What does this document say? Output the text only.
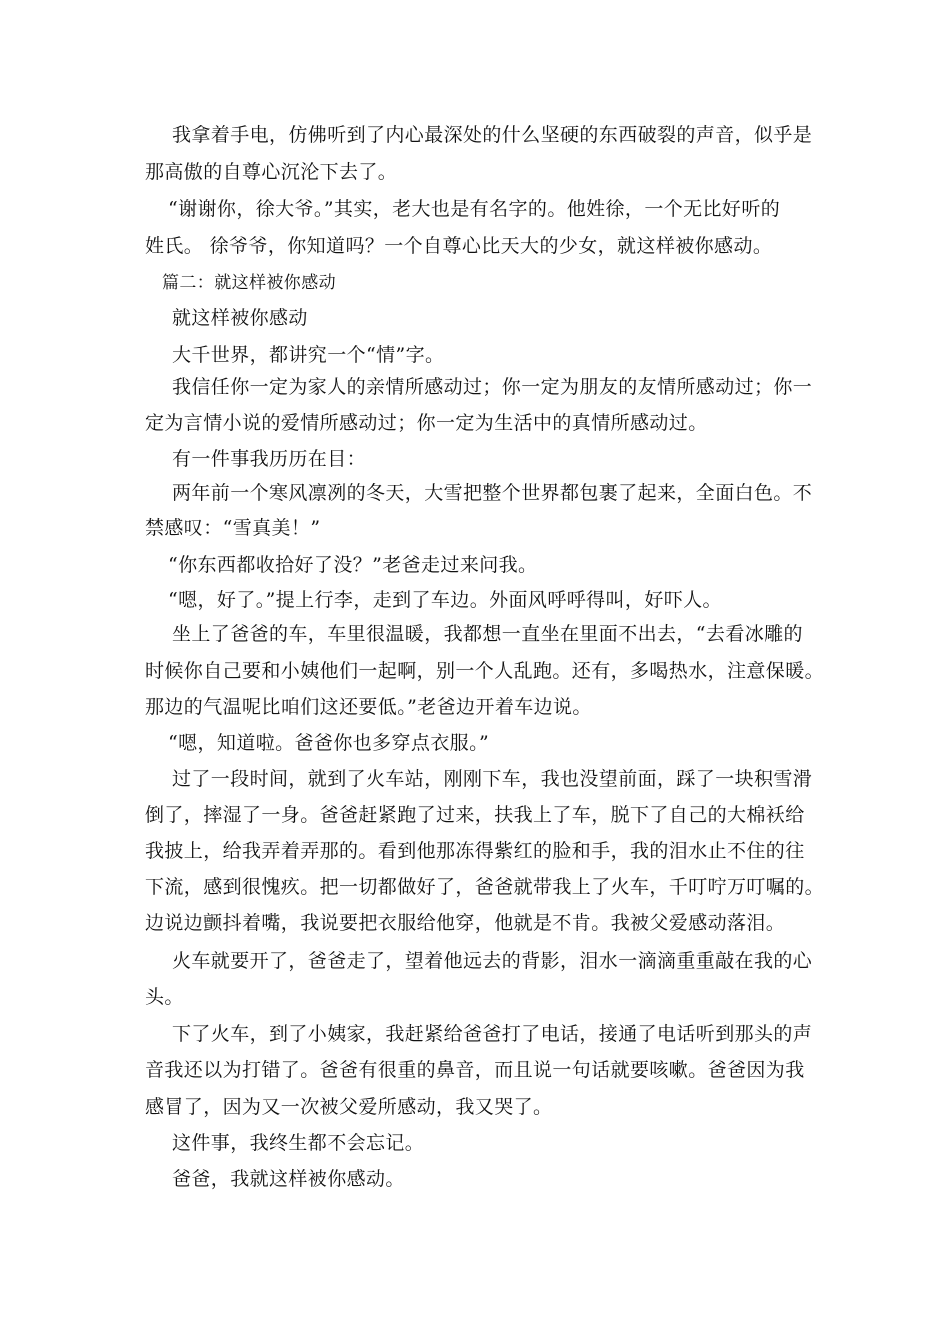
我拿着手电，仿佛听到了内心最深处的什么坚硬的东西破裂的声音，似乎是
那高傲的自尊心沉沦下去了。
“谢谢你，徐大爷。”其实，老大也是有名字的。他姓徐，一个无比好听的
姓氏。 徐爷爷，你知道吗？一个自尊心比天大的少女，就这样被你感动。
篇二：就这样被你感动
就这样被你感动
大千世界，都讲究一个“情”字。
我信任你一定为家人的亲情所感动过；你一定为朋友的友情所感动过；你一
定为言情小说的爱情所感动过；你一定为生活中的真情所感动过。
有一件事我历历在目：
两年前一个寒风凛冽的冬天，大雪把整个世界都包裹了起来，全面白色。不
禁感叹：“雪真美！”
“你东西都收拾好了没？”老爸走过来问我。
“嗯，好了。”提上行李，走到了车边。外面风呼呼得叫，好吓人。
坐上了爸爸的车，车里很温暖，我都想一直坐在里面不出去，“去看冰雕的
时候你自己要和小姨他们一起啊，别一个人乱跑。还有，多喝热水，注意保暖。
那边的气温呢比咱们这还要低。”老爸边开着车边说。
“嗯，知道啦。爸爸你也多穿点衣服。”
过了一段时间，就到了火车站，刚刚下车，我也没望前面，踩了一块积雪滑
倒了，摔湿了一身。爸爸赶紧跑了过来，扶我上了车，脱下了自己的大棉袄给
我披上，给我弄着弄那的。看到他那冻得紫红的脸和手，我的泪水止不住的往
下流，感到很愧疚。把一切都做好了，爸爸就带我上了火车，千叮咛万叮嘱的。
边说边颤抖着嘴，我说要把衣服给他穿，他就是不肯。我被父爱感动落泪。
火车就要开了，爸爸走了，望着他远去的背影，泪水一滴滴重重敲在我的心
头。
下了火车，到了小姨家，我赶紧给爸爸打了电话，接通了电话听到那头的声
音我还以为打错了。爸爸有很重的鼻音，而且说一句话就要咳嗽。爸爸因为我
感冒了，因为又一次被父爱所感动，我又哭了。
这件事，我终生都不会忘记。
爸爸，我就这样被你感动。
